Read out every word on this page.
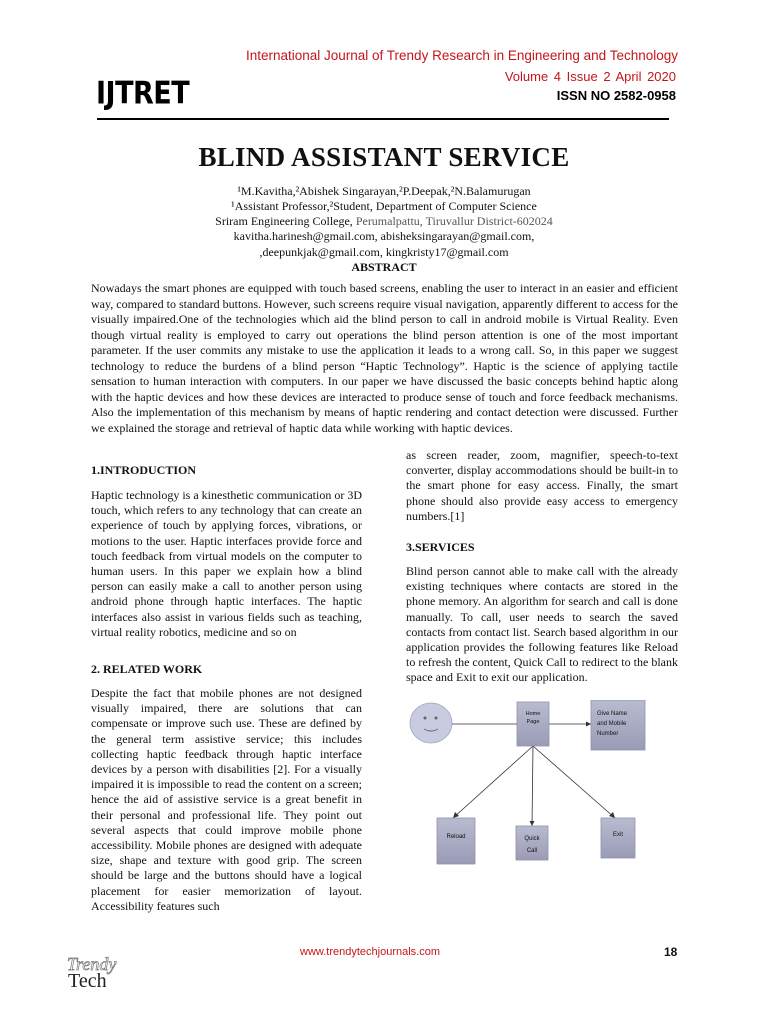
IJTRET
International Journal of Trendy Research in Engineering and Technology
Volume 4 Issue 2 April 2020
ISSN NO 2582-0958
BLIND ASSISTANT SERVICE
¹M.Kavitha,²Abishek Singarayan,²P.Deepak,²N.Balamurugan
¹Assistant Professor,²Student, Department of Computer Science
Sriram Engineering College, Perumalpattu, Tiruvallur District-602024
kavitha.harinesh@gmail.com, abisheksingarayan@gmail.com,
,deepunkjak@gmail.com, kingkristy17@gmail.com
ABSTRACT
Nowadays the smart phones are equipped with touch based screens, enabling the user to interact in an easier and efficient way, compared to standard buttons. However, such screens require visual navigation, apparently different to access for the visually impaired.One of the technologies which aid the blind person to call in android mobile is Virtual Reality. Even though virtual reality is employed to carry out operations the blind person attention is one of the most important parameter. If the user commits any mistake to use the application it leads to a wrong call. So, in this paper we suggest technology to reduce the burdens of a blind person “Haptic Technology”. Haptic is the science of applying tactile sensation to human interaction with computers. In our paper we have discussed the basic concepts behind haptic along with the haptic devices and how these devices are interacted to produce sense of touch and force feedback mechanisms. Also the implementation of this mechanism by means of haptic rendering and contact detection were discussed. Further we explained the storage and retrieval of haptic data while working with haptic devices.
1.INTRODUCTION
Haptic technology is a kinesthetic communication or 3D touch, which refers to any technology that can create an experience of touch by applying forces, vibrations, or motions to the user. Haptic interfaces provide force and touch feedback from virtual models on the computer to human users. In this paper we explain how a blind person can easily make a call to another person using android phone through haptic interfaces. The haptic interfaces also assist in various fields such as teaching, virtual reality robotics, medicine and so on
2. RELATED WORK
Despite the fact that mobile phones are not designed visually impaired, there are solutions that can compensate or improve such use. These are defined by the general term assistive service; this includes collecting haptic feedback through haptic interface devices by a person with disabilities [2]. For a visually impaired it is impossible to read the content on a screen; hence the aid of assistive service is a great benefit in their personal and professional life. They point out several aspects that could improve mobile phone accessibility. Mobile phones are designed with adequate size, shape and texture with good grip. The screen should be large and the buttons should have a logical placement for easier memorization of layout. Accessibility features such
as screen reader, zoom, magnifier, speech-to-text converter, display accommodations should be built-in to the smart phone for easy access. Finally, the smart phone should also provide easy access to emergency numbers.[1]
3.SERVICES
Blind person cannot able to make call with the already existing techniques where contacts are stored in the phone memory. An algorithm for search and call is done manually. To call, user needs to search the saved contacts from contact list. Search based algorithm in our application provides the following features like Reload to refresh the content, Quick Call to redirect to the blank space and Exit to exit our application.
Home
Page
Give Name
and Mobile
Number
Reload	Quick
Call
Exit
Trendy
Tech
www.trendytechjournals.com	18
